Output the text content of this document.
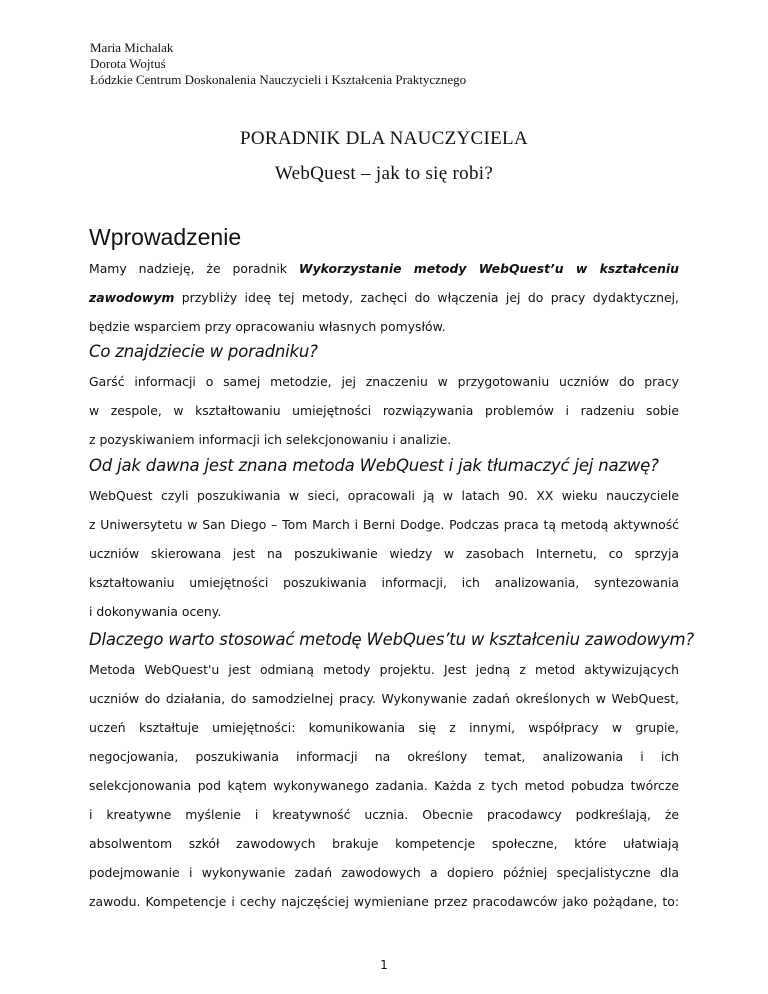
Maria Michalak
Dorota Wojtuś
Łódzkie Centrum Doskonalenia Nauczycieli i Kształcenia Praktycznego
PORADNIK DLA NAUCZYCIELA
WebQuest – jak to się robi?
Wprowadzenie
Mamy nadzieję, że poradnik Wykorzystanie metody WebQuest’u w kształceniu
zawodowym przybliży ideę tej metody, zachęci do włączenia jej do pracy dydaktycznej,
będzie wsparciem przy opracowaniu własnych pomysłów.
Co znajdziecie w poradniku?
Garść informacji o samej metodzie, jej znaczeniu w przygotowaniu uczniów do pracy
w zespole, w kształtowaniu umiejętności rozwiązywania problemów i radzeniu sobie
z pozyskiwaniem informacji ich selekcjonowaniu i analizie.
Od jak dawna jest znana metoda WebQuest i jak tłumaczyć jej nazwę?
WebQuest czyli poszukiwania w sieci, opracowali ją w latach 90. XX wieku nauczyciele
z Uniwersytetu w San Diego – Tom March i Berni Dodge. Podczas praca tą metodą aktywność
uczniów skierowana jest na poszukiwanie wiedzy w zasobach Internetu, co sprzyja
kształtowaniu umiejętności poszukiwania informacji, ich analizowania, syntezowania
i dokonywania oceny.
Dlaczego warto stosować metodę WebQues’tu w kształceniu zawodowym?
Metoda WebQuest'u jest odmianą metody projektu. Jest jedną z metod aktywizujących
uczniów do działania, do samodzielnej pracy. Wykonywanie zadań określonych w WebQuest,
uczeń kształtuje umiejętności: komunikowania się z innymi, współpracy w grupie,
negocjowania, poszukiwania informacji na określony temat, analizowania i ich
selekcjonowania pod kątem wykonywanego zadania. Każda z tych metod pobudza twórcze
i kreatywne myślenie i kreatywność ucznia. Obecnie pracodawcy podkreślają, że
absolwentom szkół zawodowych brakuje kompetencje społeczne, które ułatwiają
podejmowanie i wykonywanie zadań zawodowych a dopiero później specjalistyczne dla
zawodu. Kompetencje i cechy najczęściej wymieniane przez pracodawców jako pożądane, to:
1
